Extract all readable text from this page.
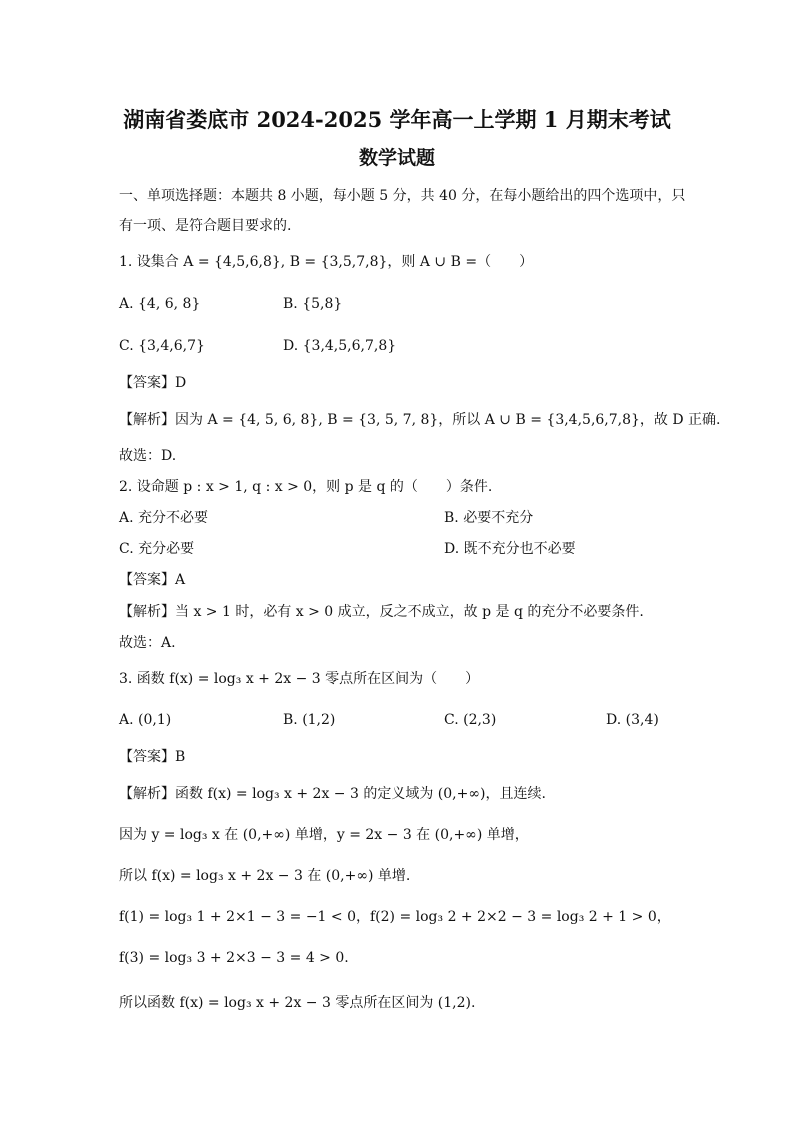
湖南省娄底市 2024-2025 学年高一上学期 1 月期末考试
数学试题
一、单项选择题：本题共 8 小题，每小题 5 分，共 40 分，在每小题给出的四个选项中，只
有一项、是符合题目要求的.
1. 设集合 A = {4,5,6,8}, B = {3,5,7,8}，则 A ∪ B =（　　）
A. {4, 6, 8}	B. {5,8}
C. {3,4,6,7}	D. {3,4,5,6,7,8}
【答案】D
【解析】因为 A = {4, 5, 6, 8}, B = {3, 5, 7, 8}，所以 A ∪ B = {3,4,5,6,7,8}，故 D 正确.
故选：D.
2. 设命题 p : x > 1, q : x > 0，则 p 是 q 的（　　）条件.
A. 充分不必要	B. 必要不充分
C. 充分必要	D. 既不充分也不必要
【答案】A
【解析】当 x > 1 时，必有 x > 0 成立，反之不成立，故 p 是 q 的充分不必要条件.
故选：A.
3. 函数 f(x) = log₃ x + 2x − 3 零点所在区间为（　　）
A. (0,1)	B. (1,2)	C. (2,3)	D. (3,4)
【答案】B
【解析】函数 f(x) = log₃ x + 2x − 3 的定义域为 (0,+∞)，且连续.
因为 y = log₃ x 在 (0,+∞) 单增，y = 2x − 3 在 (0,+∞) 单增，
所以 f(x) = log₃ x + 2x − 3 在 (0,+∞) 单增.
f(1) = log₃ 1 + 2×1 − 3 = −1 < 0，f(2) = log₃ 2 + 2×2 − 3 = log₃ 2 + 1 > 0，
f(3) = log₃ 3 + 2×3 − 3 = 4 > 0.
所以函数 f(x) = log₃ x + 2x − 3 零点所在区间为 (1,2).
